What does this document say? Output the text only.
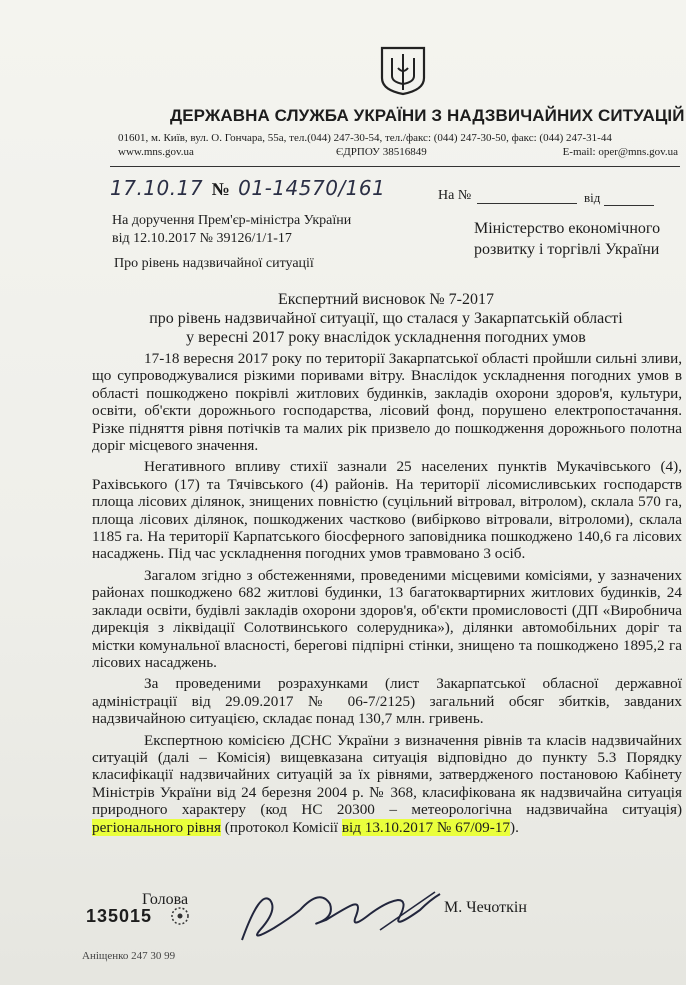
ДЕРЖАВНА СЛУЖБА УКРАЇНИ З НАДЗВИЧАЙНИХ СИТУАЦІЙ
01601, м. Київ, вул. О. Гончара, 55а, тел.(044) 247-30-54, тел./факс: (044) 247-30-50, факс: (044) 247-31-44
www.mns.gov.ua	ЄДРПОУ 38516849	E-mail: oper@mns.gov.ua
17.10.17 № 01-14570/161	На №	від
На доручення Прем'єр-міністра України
від 12.10.2017 № 39126/1/1-17
Міністерство економічного
розвитку і торгівлі України
Про рівень надзвичайної ситуації
Експертний висновок № 7-2017
про рівень надзвичайної ситуації, що сталася у Закарпатській області
у вересні 2017 року внаслідок ускладнення погодних умов

17-18 вересня 2017 року по території Закарпатської області пройшли сильні зливи, що супроводжувалися різкими поривами вітру. Внаслідок ускладнення погодних умов в області пошкоджено покрівлі житлових будинків, закладів охорони здоров'я, культури, освіти, об'єкти дорожнього господарства, лісовий фонд, порушено електропостачання. Різке підняття рівня потічків та малих рік призвело до пошкодження дорожнього полотна доріг місцевого значення.

Негативного впливу стихії зазнали 25 населених пунктів Мукачівського (4), Рахівського (17) та Тячівського (4) районів. На території лісомисливських господарств площа лісових ділянок, знищених повністю (суцільний вітровал, вітролом), склала 570 га, площа лісових ділянок, пошкоджених частково (вибірково вітровали, вітроломи), склала 1185 га. На території Карпатського біосферного заповідника пошкоджено 140,6 га лісових насаджень. Під час ускладнення погодних умов травмовано 3 осіб.

Загалом згідно з обстеженнями, проведеними місцевими комісіями, у зазначених районах пошкоджено 682 житлові будинки, 13 багатоквартирних житлових будинків, 24 заклади освіти, будівлі закладів охорони здоров'я, об'єкти промисловості (ДП «Виробнича дирекція з ліквідації Солотвинського солерудника»), ділянки автомобільних доріг та містки комунальної власності, берегові підпірні стінки, знищено та пошкоджено 1895,2 га лісових насаджень.

За проведеними розрахунками (лист Закарпатської обласної державної адміністрації від 29.09.2017 № 06-7/2125) загальний обсяг збитків, завданих надзвичайною ситуацією, складає понад 130,7 млн. гривень.

Експертною комісією ДСНС України з визначення рівнів та класів надзвичайних ситуацій (далі – Комісія) вищевказана ситуація відповідно до пункту 5.3 Порядку класифікації надзвичайних ситуацій за їх рівнями, затвердженого постановою Кабінету Міністрів України від 24 березня 2004 р. № 368, класифікована як надзвичайна ситуація природного характеру (код НС 20300 – метеорологічна надзвичайна ситуація) регіонального рівня (протокол Комісії від 13.10.2017 № 67/09-17).

Голова
135015	М. Чечоткін
Аніщенко 247 30 99
